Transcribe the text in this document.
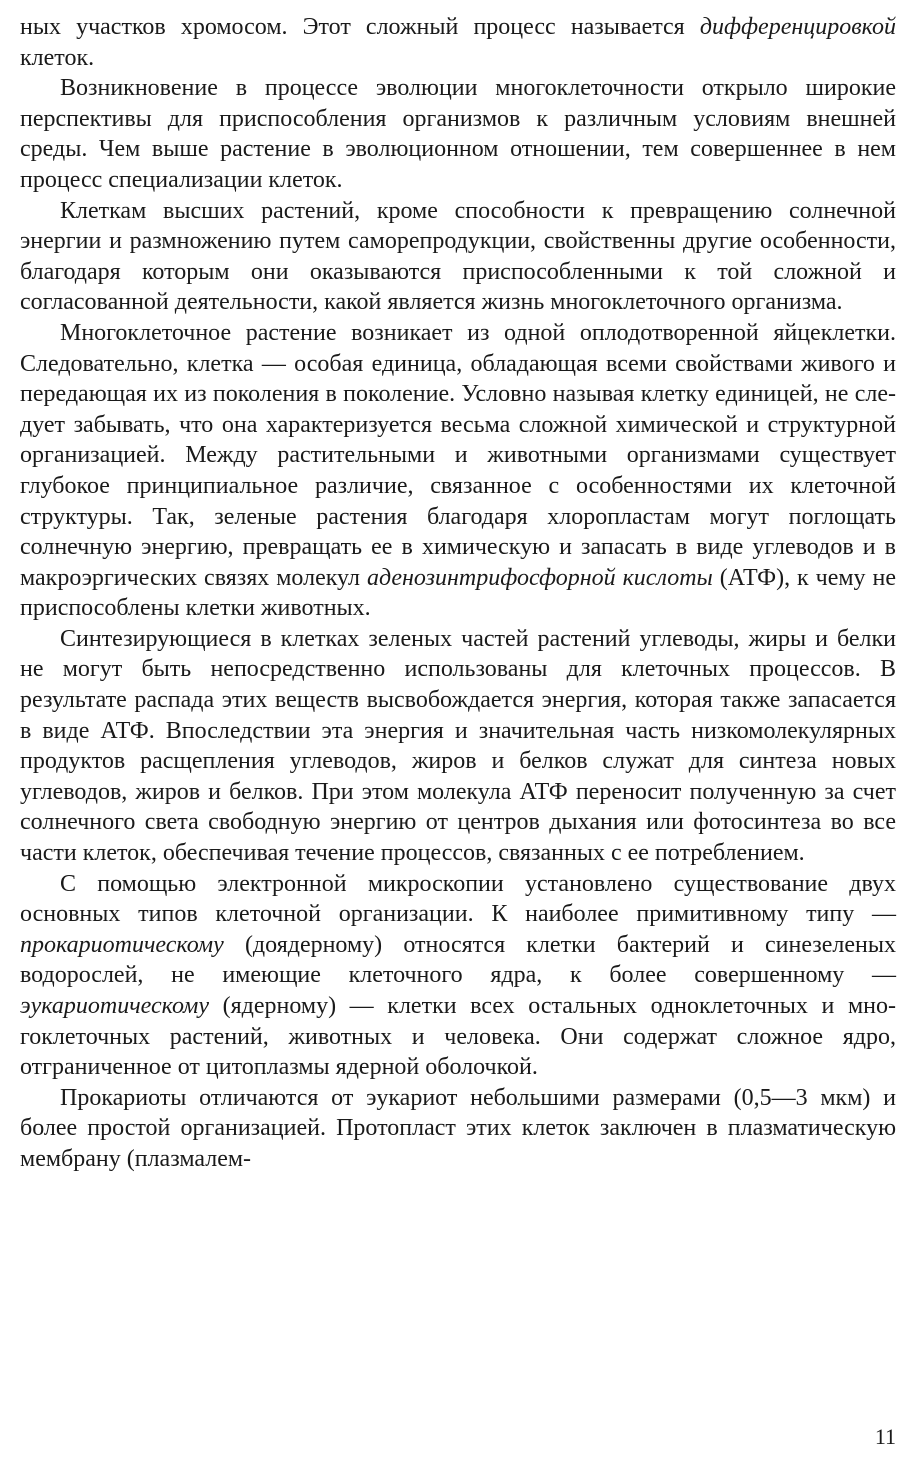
ных участков хромосом. Этот сложный процесс называется дифференцировкой клеток.

Возникновение в процессе эволюции многоклеточности открыло широкие перспективы для приспособления организмов к различным условиям внешней среды. Чем выше растение в эволюционном отношении, тем совершеннее в нем процесс специализации клеток.

Клеткам высших растений, кроме способности к превращению солнечной энергии и размножению путем саморепродукции, свойственны другие особенности, благодаря которым они оказываются приспособленными к той сложной и согласованной деятельности, какой является жизнь многоклеточного организма.

Многоклеточное растение возникает из одной оплодотворенной яйцеклетки. Следовательно, клетка — особая единица, обладающая всеми свойствами живого и передающая их из поколения в поколение. Условно называя клетку единицей, не следует забывать, что она характеризуется весьма сложной химической и структурной организацией. Между растительными и животными организмами существует глубокое принципиальное различие, связанное с особенностями их клеточной структуры. Так, зеленые растения благодаря хлоропластам могут поглощать солнечную энергию, превращать ее в химическую и запасать в виде углеводов и в макроэргических связях молекул аденозинтрифосфорной кислоты (АТФ), к чему не приспособлены клетки животных.

Синтезирующиеся в клетках зеленых частей растений углеводы, жиры и белки не могут быть непосредственно использованы для клеточных процессов. В результате распада этих веществ высвобождается энергия, которая также запасается в виде АТФ. Впоследствии эта энергия и значительная часть низкомолекулярных продуктов расщепления углеводов, жиров и белков служат для синтеза новых углеводов, жиров и белков. При этом молекула АТФ переносит полученную за счет солнечного света свободную энергию от центров дыхания или фотосинтеза во все части клеток, обеспечивая течение процессов, связанных с ее потреблением.

С помощью электронной микроскопии установлено существование двух основных типов клеточной организации. К наиболее примитивному типу — прокариотическому (доядерному) относятся клетки бактерий и синезеленых водорослей, не имеющие клеточного ядра, к более совершенному — эукариотическому (ядерному) — клетки всех остальных одноклеточных и многоклеточных растений, животных и человека. Они содержат сложное ядро, отграниченное от цитоплазмы ядерной оболочкой.

Прокариоты отличаются от эукариот небольшими размерами (0,5—3 мкм) и более простой организацией. Протопласт этих клеток заключен в плазматическую мембрану (плазмалем-

11
